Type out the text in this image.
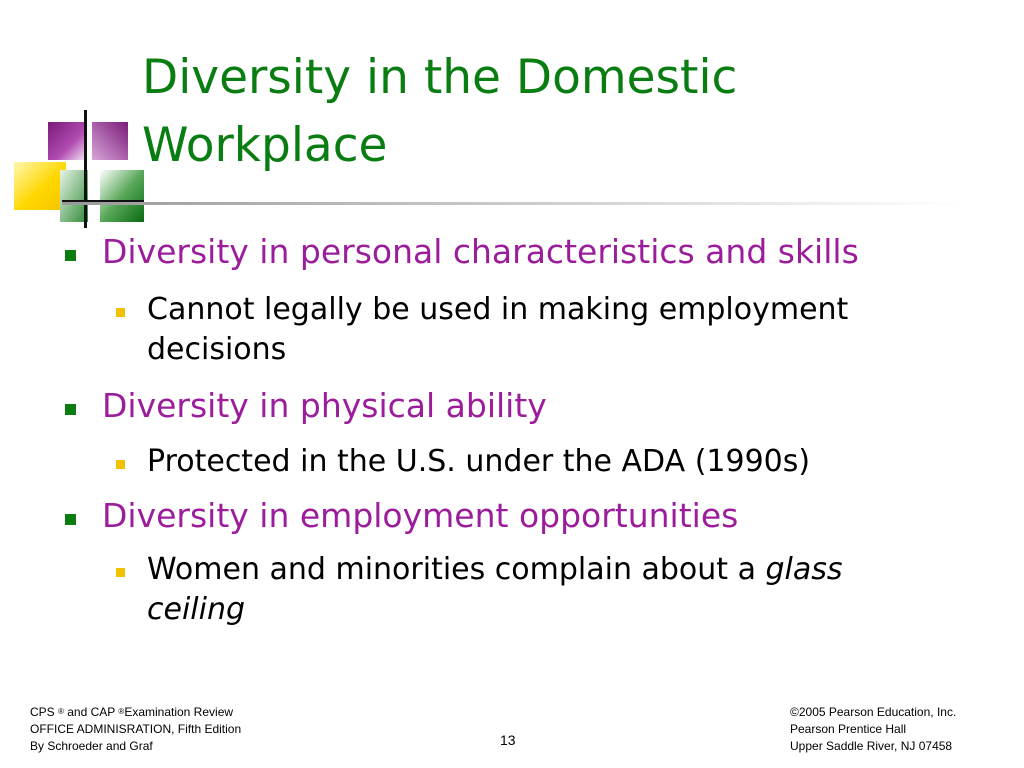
Diversity in the Domestic
Workplace
Diversity in personal characteristics and skills
Cannot legally be used in making employment
decisions
Diversity in physical ability
Protected in the U.S. under the ADA (1990s)
Diversity in employment opportunities
Women and minorities complain about a glass
ceiling
CPS ® and CAP ®Examination Review
OFFICE ADMINISRATION, Fifth Edition
By Schroeder and Graf	13
©2005 Pearson Education, Inc.
Pearson Prentice Hall
Upper Saddle River, NJ 07458
